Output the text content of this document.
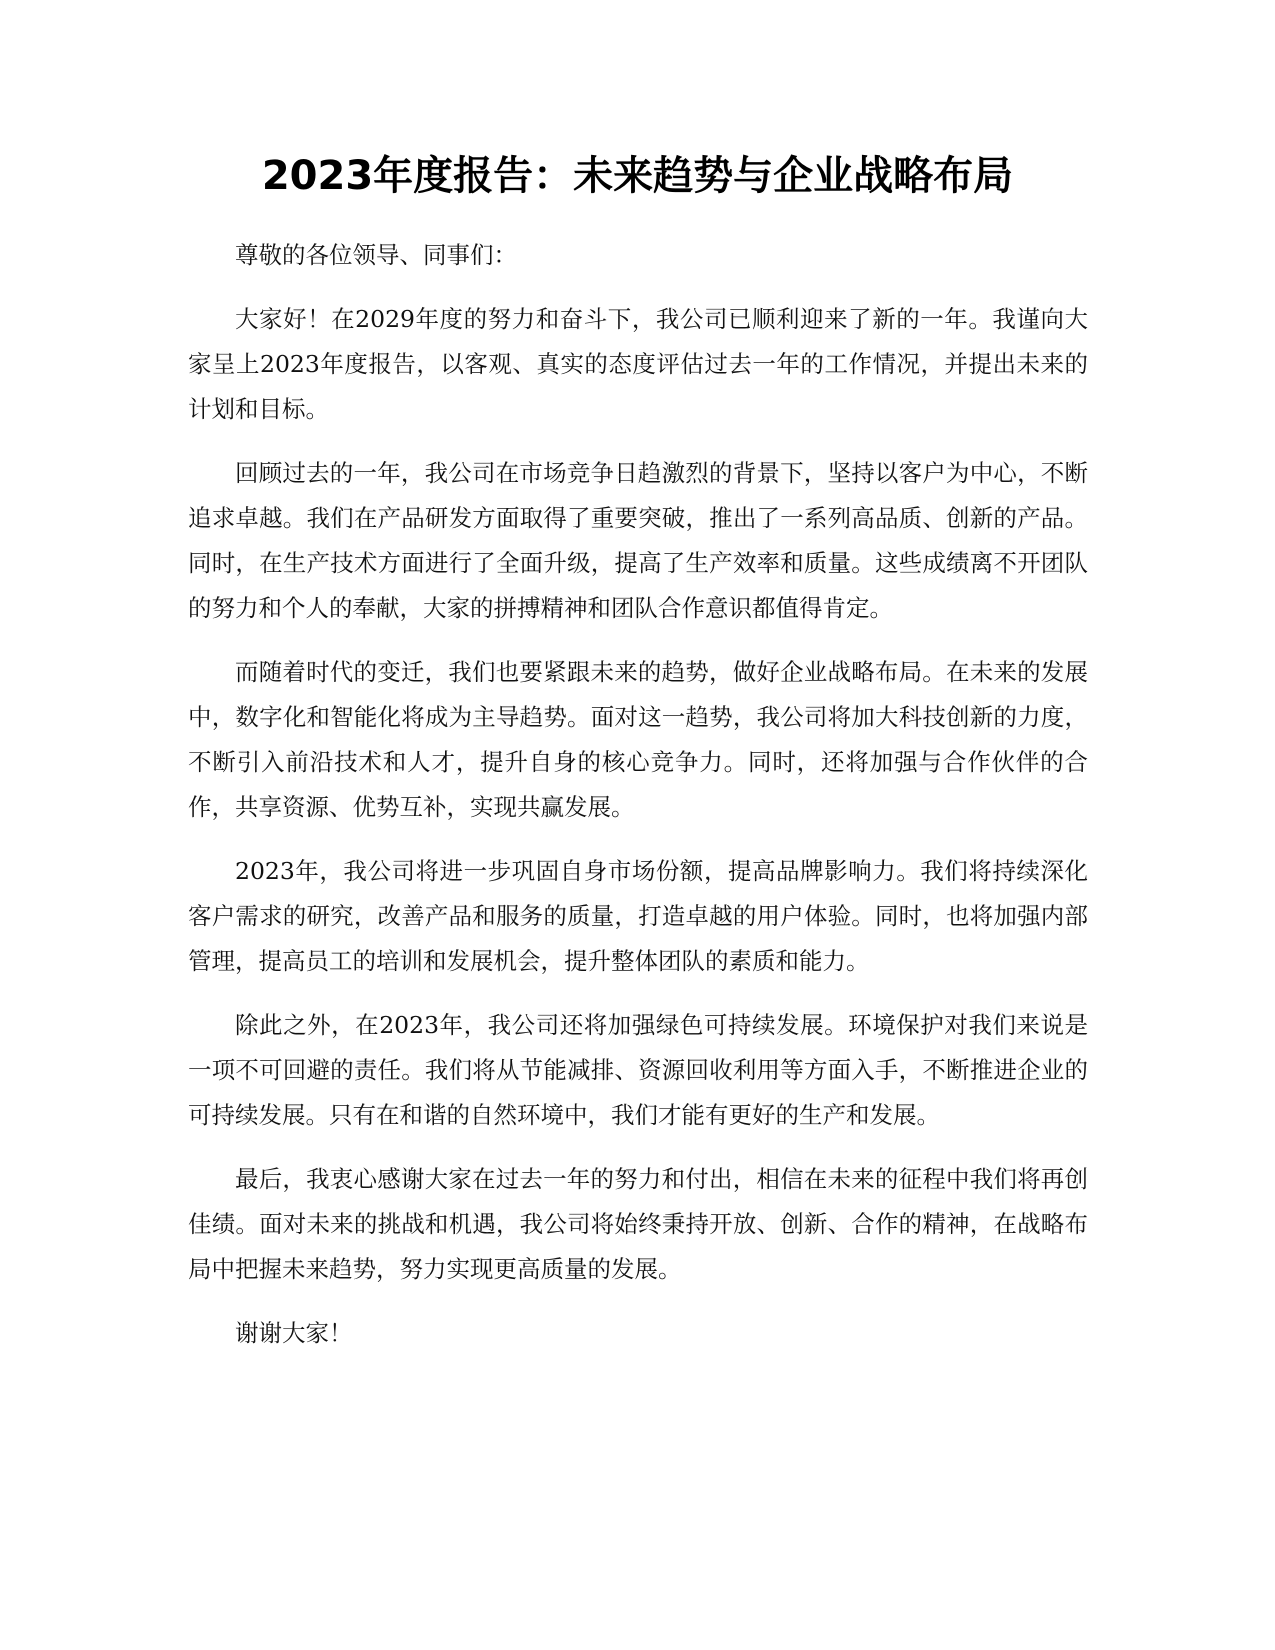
2023年度报告：未来趋势与企业战略布局

尊敬的各位领导、同事们：

大家好！在2029年度的努力和奋斗下，我公司已顺利迎来了新的一年。我谨向大家呈上2023年度报告，以客观、真实的态度评估过去一年的工作情况，并提出未来的计划和目标。

回顾过去的一年，我公司在市场竞争日趋激烈的背景下，坚持以客户为中心，不断追求卓越。我们在产品研发方面取得了重要突破，推出了一系列高品质、创新的产品。同时，在生产技术方面进行了全面升级，提高了生产效率和质量。这些成绩离不开团队的努力和个人的奉献，大家的拼搏精神和团队合作意识都值得肯定。

而随着时代的变迁，我们也要紧跟未来的趋势，做好企业战略布局。在未来的发展中，数字化和智能化将成为主导趋势。面对这一趋势，我公司将加大科技创新的力度，不断引入前沿技术和人才，提升自身的核心竞争力。同时，还将加强与合作伙伴的合作，共享资源、优势互补，实现共赢发展。

2023年，我公司将进一步巩固自身市场份额，提高品牌影响力。我们将持续深化客户需求的研究，改善产品和服务的质量，打造卓越的用户体验。同时，也将加强内部管理，提高员工的培训和发展机会，提升整体团队的素质和能力。

除此之外，在2023年，我公司还将加强绿色可持续发展。环境保护对我们来说是一项不可回避的责任。我们将从节能减排、资源回收利用等方面入手，不断推进企业的可持续发展。只有在和谐的自然环境中，我们才能有更好的生产和发展。

最后，我衷心感谢大家在过去一年的努力和付出，相信在未来的征程中我们将再创佳绩。面对未来的挑战和机遇，我公司将始终秉持开放、创新、合作的精神，在战略布局中把握未来趋势，努力实现更高质量的发展。

谢谢大家！
